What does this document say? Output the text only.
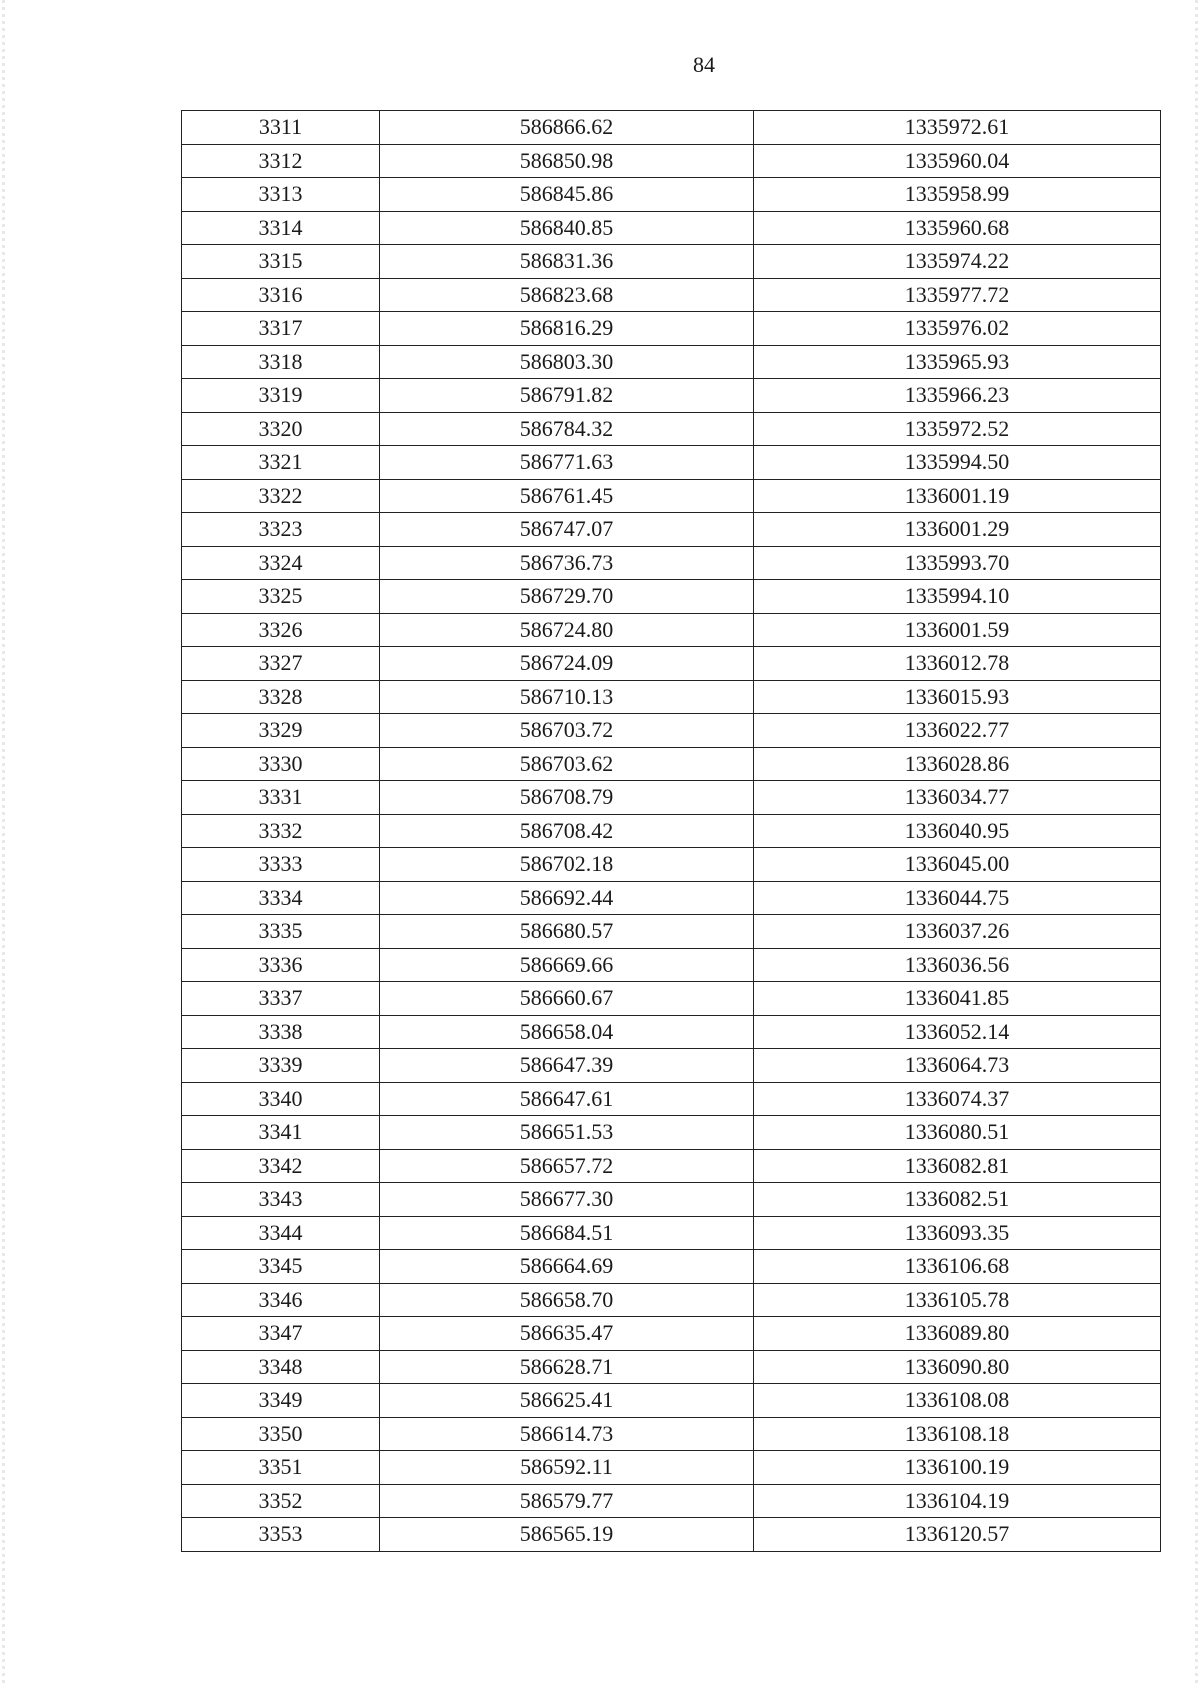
84
3311	586866.62	1335972.61
3312	586850.98	1335960.04
3313	586845.86	1335958.99
3314	586840.85	1335960.68
3315	586831.36	1335974.22
3316	586823.68	1335977.72
3317	586816.29	1335976.02
3318	586803.30	1335965.93
3319	586791.82	1335966.23
3320	586784.32	1335972.52
3321	586771.63	1335994.50
3322	586761.45	1336001.19
3323	586747.07	1336001.29
3324	586736.73	1335993.70
3325	586729.70	1335994.10
3326	586724.80	1336001.59
3327	586724.09	1336012.78
3328	586710.13	1336015.93
3329	586703.72	1336022.77
3330	586703.62	1336028.86
3331	586708.79	1336034.77
3332	586708.42	1336040.95
3333	586702.18	1336045.00
3334	586692.44	1336044.75
3335	586680.57	1336037.26
3336	586669.66	1336036.56
3337	586660.67	1336041.85
3338	586658.04	1336052.14
3339	586647.39	1336064.73
3340	586647.61	1336074.37
3341	586651.53	1336080.51
3342	586657.72	1336082.81
3343	586677.30	1336082.51
3344	586684.51	1336093.35
3345	586664.69	1336106.68
3346	586658.70	1336105.78
3347	586635.47	1336089.80
3348	586628.71	1336090.80
3349	586625.41	1336108.08
3350	586614.73	1336108.18
3351	586592.11	1336100.19
3352	586579.77	1336104.19
3353	586565.19	1336120.57
